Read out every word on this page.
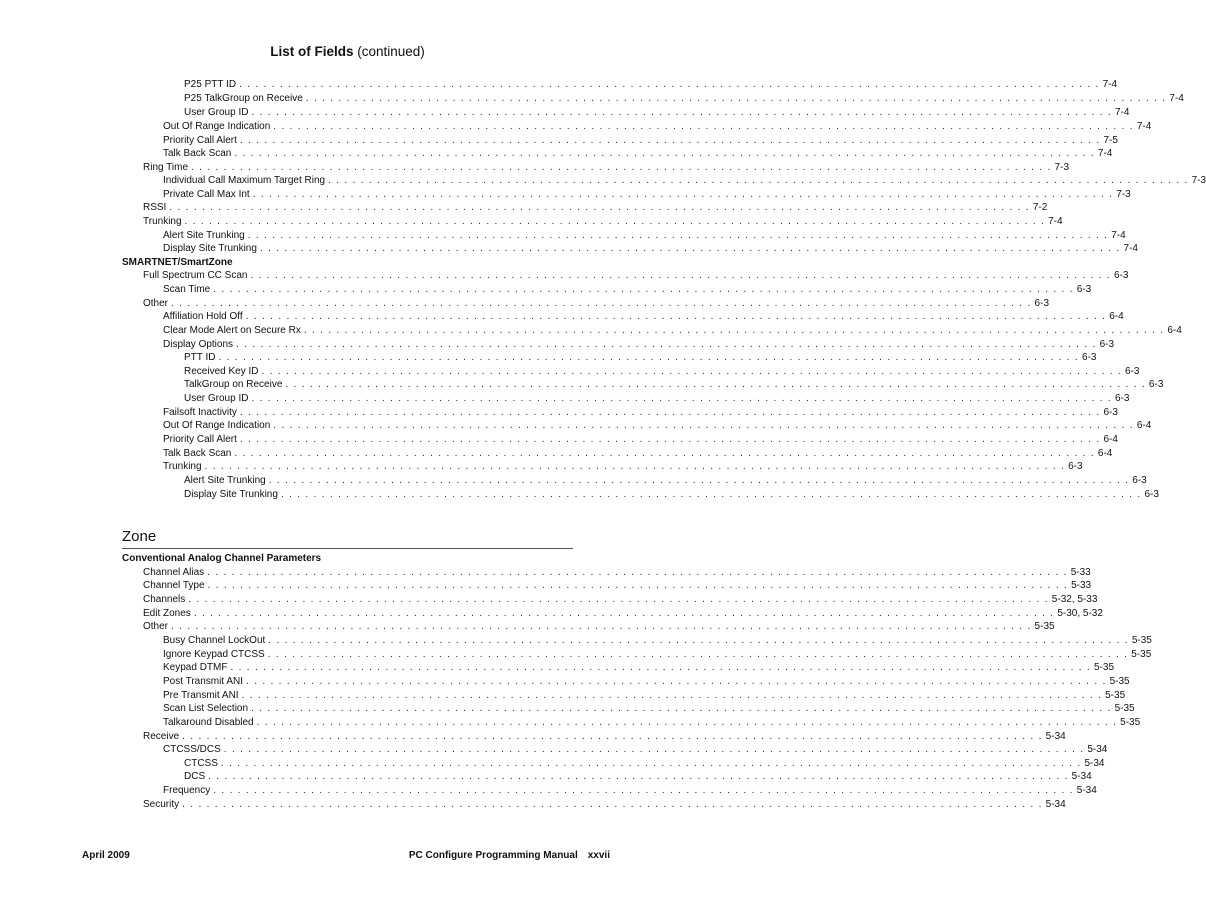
List of Fields (continued)
P25 PTT ID . . . . . . . . . . . . . . . . . . . . . . . . . . . . . . . . . . . . . . . . . . . . . . . . . . . . . . . . . . . . . . . . . . . . . . . . . . . . . . . . . . . . . . . . . . . . . . . . . . . . . . . . . . 7-4
P25 TalkGroup on Receive . . . . . . . . . . . . . . . . . . . . . . . . . . . . . . . . . . . . . . . . . . . . . . . . . . . . . . . . . . . . . . . . . . . . . . . . . . . . . . . . . . . . . . . . . . . . . . . . . . . . . . . . . . 7-4
User Group ID . . . . . . . . . . . . . . . . . . . . . . . . . . . . . . . . . . . . . . . . . . . . . . . . . . . . . . . . . . . . . . . . . . . . . . . . . . . . . . . . . . . . . . . . . . . . . . . . . . . . . . . . . . 7-4
Out Of Range Indication . . . . . . . . . . . . . . . . . . . . . . . . . . . . . . . . . . . . . . . . . . . . . . . . . . . . . . . . . . . . . . . . . . . . . . . . . . . . . . . . . . . . . . . . . . . . . . . . . . . . . . . . . . 7-4
Priority Call Alert . . . . . . . . . . . . . . . . . . . . . . . . . . . . . . . . . . . . . . . . . . . . . . . . . . . . . . . . . . . . . . . . . . . . . . . . . . . . . . . . . . . . . . . . . . . . . . . . . . . . . . . . . . 7-5
Talk Back Scan . . . . . . . . . . . . . . . . . . . . . . . . . . . . . . . . . . . . . . . . . . . . . . . . . . . . . . . . . . . . . . . . . . . . . . . . . . . . . . . . . . . . . . . . . . . . . . . . . . . . . . . . . . 7-4
Ring Time . . . . . . . . . . . . . . . . . . . . . . . . . . . . . . . . . . . . . . . . . . . . . . . . . . . . . . . . . . . . . . . . . . . . . . . . . . . . . . . . . . . . . . . . . . . . . . . . . . . . . . . . . . 7-3
Individual Call Maximum Target Ring . . . . . . . . . . . . . . . . . . . . . . . . . . . . . . . . . . . . . . . . . . . . . . . . . . . . . . . . . . . . . . . . . . . . . . . . . . . . . . . . . . . . . . . . . . . . . . . . . . . . . . . . . . 7-3
Private Call Max Int . . . . . . . . . . . . . . . . . . . . . . . . . . . . . . . . . . . . . . . . . . . . . . . . . . . . . . . . . . . . . . . . . . . . . . . . . . . . . . . . . . . . . . . . . . . . . . . . . . . . . . . . . . 7-3
RSSI . . . . . . . . . . . . . . . . . . . . . . . . . . . . . . . . . . . . . . . . . . . . . . . . . . . . . . . . . . . . . . . . . . . . . . . . . . . . . . . . . . . . . . . . . . . . . . . . . . . . . . . . . . 7-2
Trunking . . . . . . . . . . . . . . . . . . . . . . . . . . . . . . . . . . . . . . . . . . . . . . . . . . . . . . . . . . . . . . . . . . . . . . . . . . . . . . . . . . . . . . . . . . . . . . . . . . . . . . . . . . 7-4
Alert Site Trunking . . . . . . . . . . . . . . . . . . . . . . . . . . . . . . . . . . . . . . . . . . . . . . . . . . . . . . . . . . . . . . . . . . . . . . . . . . . . . . . . . . . . . . . . . . . . . . . . . . . . . . . . . . 7-4
Display Site Trunking . . . . . . . . . . . . . . . . . . . . . . . . . . . . . . . . . . . . . . . . . . . . . . . . . . . . . . . . . . . . . . . . . . . . . . . . . . . . . . . . . . . . . . . . . . . . . . . . . . . . . . . . . . 7-4
SMARTNET/SmartZone
Full Spectrum CC Scan . . . . . . . . . . . . . . . . . . . . . . . . . . . . . . . . . . . . . . . . . . . . . . . . . . . . . . . . . . . . . . . . . . . . . . . . . . . . . . . . . . . . . . . . . . . . . . . . . . . . . . . . . . 6-3
Scan Time . . . . . . . . . . . . . . . . . . . . . . . . . . . . . . . . . . . . . . . . . . . . . . . . . . . . . . . . . . . . . . . . . . . . . . . . . . . . . . . . . . . . . . . . . . . . . . . . . . . . . . . . . . 6-3
Other . . . . . . . . . . . . . . . . . . . . . . . . . . . . . . . . . . . . . . . . . . . . . . . . . . . . . . . . . . . . . . . . . . . . . . . . . . . . . . . . . . . . . . . . . . . . . . . . . . . . . . . . . . 6-3
Affiliation Hold Off . . . . . . . . . . . . . . . . . . . . . . . . . . . . . . . . . . . . . . . . . . . . . . . . . . . . . . . . . . . . . . . . . . . . . . . . . . . . . . . . . . . . . . . . . . . . . . . . . . . . . . . . . . 6-4
Clear Mode Alert on Secure Rx . . . . . . . . . . . . . . . . . . . . . . . . . . . . . . . . . . . . . . . . . . . . . . . . . . . . . . . . . . . . . . . . . . . . . . . . . . . . . . . . . . . . . . . . . . . . . . . . . . . . . . . . . . 6-4
Display Options . . . . . . . . . . . . . . . . . . . . . . . . . . . . . . . . . . . . . . . . . . . . . . . . . . . . . . . . . . . . . . . . . . . . . . . . . . . . . . . . . . . . . . . . . . . . . . . . . . . . . . . . . . 6-3
PTT ID . . . . . . . . . . . . . . . . . . . . . . . . . . . . . . . . . . . . . . . . . . . . . . . . . . . . . . . . . . . . . . . . . . . . . . . . . . . . . . . . . . . . . . . . . . . . . . . . . . . . . . . . . . 6-3
Received Key ID . . . . . . . . . . . . . . . . . . . . . . . . . . . . . . . . . . . . . . . . . . . . . . . . . . . . . . . . . . . . . . . . . . . . . . . . . . . . . . . . . . . . . . . . . . . . . . . . . . . . . . . . . . 6-3
TalkGroup on Receive . . . . . . . . . . . . . . . . . . . . . . . . . . . . . . . . . . . . . . . . . . . . . . . . . . . . . . . . . . . . . . . . . . . . . . . . . . . . . . . . . . . . . . . . . . . . . . . . . . . . . . . . . . 6-3
User Group ID . . . . . . . . . . . . . . . . . . . . . . . . . . . . . . . . . . . . . . . . . . . . . . . . . . . . . . . . . . . . . . . . . . . . . . . . . . . . . . . . . . . . . . . . . . . . . . . . . . . . . . . . . . 6-3
Failsoft Inactivity . . . . . . . . . . . . . . . . . . . . . . . . . . . . . . . . . . . . . . . . . . . . . . . . . . . . . . . . . . . . . . . . . . . . . . . . . . . . . . . . . . . . . . . . . . . . . . . . . . . . . . . . . . 6-3
Out Of Range Indication . . . . . . . . . . . . . . . . . . . . . . . . . . . . . . . . . . . . . . . . . . . . . . . . . . . . . . . . . . . . . . . . . . . . . . . . . . . . . . . . . . . . . . . . . . . . . . . . . . . . . . . . . . 6-4
Priority Call Alert . . . . . . . . . . . . . . . . . . . . . . . . . . . . . . . . . . . . . . . . . . . . . . . . . . . . . . . . . . . . . . . . . . . . . . . . . . . . . . . . . . . . . . . . . . . . . . . . . . . . . . . . . . 6-4
Talk Back Scan . . . . . . . . . . . . . . . . . . . . . . . . . . . . . . . . . . . . . . . . . . . . . . . . . . . . . . . . . . . . . . . . . . . . . . . . . . . . . . . . . . . . . . . . . . . . . . . . . . . . . . . . . . 6-4
Trunking . . . . . . . . . . . . . . . . . . . . . . . . . . . . . . . . . . . . . . . . . . . . . . . . . . . . . . . . . . . . . . . . . . . . . . . . . . . . . . . . . . . . . . . . . . . . . . . . . . . . . . . . . . 6-3
Alert Site Trunking . . . . . . . . . . . . . . . . . . . . . . . . . . . . . . . . . . . . . . . . . . . . . . . . . . . . . . . . . . . . . . . . . . . . . . . . . . . . . . . . . . . . . . . . . . . . . . . . . . . . . . . . . . 6-3
Display Site Trunking . . . . . . . . . . . . . . . . . . . . . . . . . . . . . . . . . . . . . . . . . . . . . . . . . . . . . . . . . . . . . . . . . . . . . . . . . . . . . . . . . . . . . . . . . . . . . . . . . . . . . . . . . . 6-3
Conventional Analog Channel Parameters
Channel Alias . . . . . . . . . . . . . . . . . . . . . . . . . . . . . . . . . . . . . . . . . . . . . . . . . . . . . . . . . . . . . . . . . . . . . . . . . . . . . . . . . . . . . . . . . . . . . . . . . . . . . . . . . . 5-33
Channel Type . . . . . . . . . . . . . . . . . . . . . . . . . . . . . . . . . . . . . . . . . . . . . . . . . . . . . . . . . . . . . . . . . . . . . . . . . . . . . . . . . . . . . . . . . . . . . . . . . . . . . . . . . . 5-33
Channels . . . . . . . . . . . . . . . . . . . . . . . . . . . . . . . . . . . . . . . . . . . . . . . . . . . . . . . . . . . . . . . . . . . . . . . . . . . . . . . . . . . . . . . . . . . . . . . . . . . . . . . . . . 5-32, 5-33
Edit Zones . . . . . . . . . . . . . . . . . . . . . . . . . . . . . . . . . . . . . . . . . . . . . . . . . . . . . . . . . . . . . . . . . . . . . . . . . . . . . . . . . . . . . . . . . . . . . . . . . . . . . . . . . . 5-30, 5-32
Other . . . . . . . . . . . . . . . . . . . . . . . . . . . . . . . . . . . . . . . . . . . . . . . . . . . . . . . . . . . . . . . . . . . . . . . . . . . . . . . . . . . . . . . . . . . . . . . . . . . . . . . . . . 5-35
Busy Channel LockOut . . . . . . . . . . . . . . . . . . . . . . . . . . . . . . . . . . . . . . . . . . . . . . . . . . . . . . . . . . . . . . . . . . . . . . . . . . . . . . . . . . . . . . . . . . . . . . . . . . . . . . . . . . 5-35
Ignore Keypad CTCSS . . . . . . . . . . . . . . . . . . . . . . . . . . . . . . . . . . . . . . . . . . . . . . . . . . . . . . . . . . . . . . . . . . . . . . . . . . . . . . . . . . . . . . . . . . . . . . . . . . . . . . . . . . 5-35
Keypad DTMF . . . . . . . . . . . . . . . . . . . . . . . . . . . . . . . . . . . . . . . . . . . . . . . . . . . . . . . . . . . . . . . . . . . . . . . . . . . . . . . . . . . . . . . . . . . . . . . . . . . . . . . . . . 5-35
Post Transmit ANI . . . . . . . . . . . . . . . . . . . . . . . . . . . . . . . . . . . . . . . . . . . . . . . . . . . . . . . . . . . . . . . . . . . . . . . . . . . . . . . . . . . . . . . . . . . . . . . . . . . . . . . . . . 5-35
Pre Transmit ANI . . . . . . . . . . . . . . . . . . . . . . . . . . . . . . . . . . . . . . . . . . . . . . . . . . . . . . . . . . . . . . . . . . . . . . . . . . . . . . . . . . . . . . . . . . . . . . . . . . . . . . . . . . 5-35
Scan List Selection . . . . . . . . . . . . . . . . . . . . . . . . . . . . . . . . . . . . . . . . . . . . . . . . . . . . . . . . . . . . . . . . . . . . . . . . . . . . . . . . . . . . . . . . . . . . . . . . . . . . . . . . . . 5-35
Talkaround Disabled . . . . . . . . . . . . . . . . . . . . . . . . . . . . . . . . . . . . . . . . . . . . . . . . . . . . . . . . . . . . . . . . . . . . . . . . . . . . . . . . . . . . . . . . . . . . . . . . . . . . . . . . . . 5-35
Receive . . . . . . . . . . . . . . . . . . . . . . . . . . . . . . . . . . . . . . . . . . . . . . . . . . . . . . . . . . . . . . . . . . . . . . . . . . . . . . . . . . . . . . . . . . . . . . . . . . . . . . . . . . 5-34
CTCSS/DCS . . . . . . . . . . . . . . . . . . . . . . . . . . . . . . . . . . . . . . . . . . . . . . . . . . . . . . . . . . . . . . . . . . . . . . . . . . . . . . . . . . . . . . . . . . . . . . . . . . . . . . . . . . 5-34
CTCSS . . . . . . . . . . . . . . . . . . . . . . . . . . . . . . . . . . . . . . . . . . . . . . . . . . . . . . . . . . . . . . . . . . . . . . . . . . . . . . . . . . . . . . . . . . . . . . . . . . . . . . . . . . 5-34
DCS . . . . . . . . . . . . . . . . . . . . . . . . . . . . . . . . . . . . . . . . . . . . . . . . . . . . . . . . . . . . . . . . . . . . . . . . . . . . . . . . . . . . . . . . . . . . . . . . . . . . . . . . . . 5-34
Frequency . . . . . . . . . . . . . . . . . . . . . . . . . . . . . . . . . . . . . . . . . . . . . . . . . . . . . . . . . . . . . . . . . . . . . . . . . . . . . . . . . . . . . . . . . . . . . . . . . . . . . . . . . . 5-34
Security . . . . . . . . . . . . . . . . . . . . . . . . . . . . . . . . . . . . . . . . . . . . . . . . . . . . . . . . . . . . . . . . . . . . . . . . . . . . . . . . . . . . . . . . . . . . . . . . . . . . . . . . . . 5-34
Zone
April 2009	PC Configure Programming Manual xxvii
